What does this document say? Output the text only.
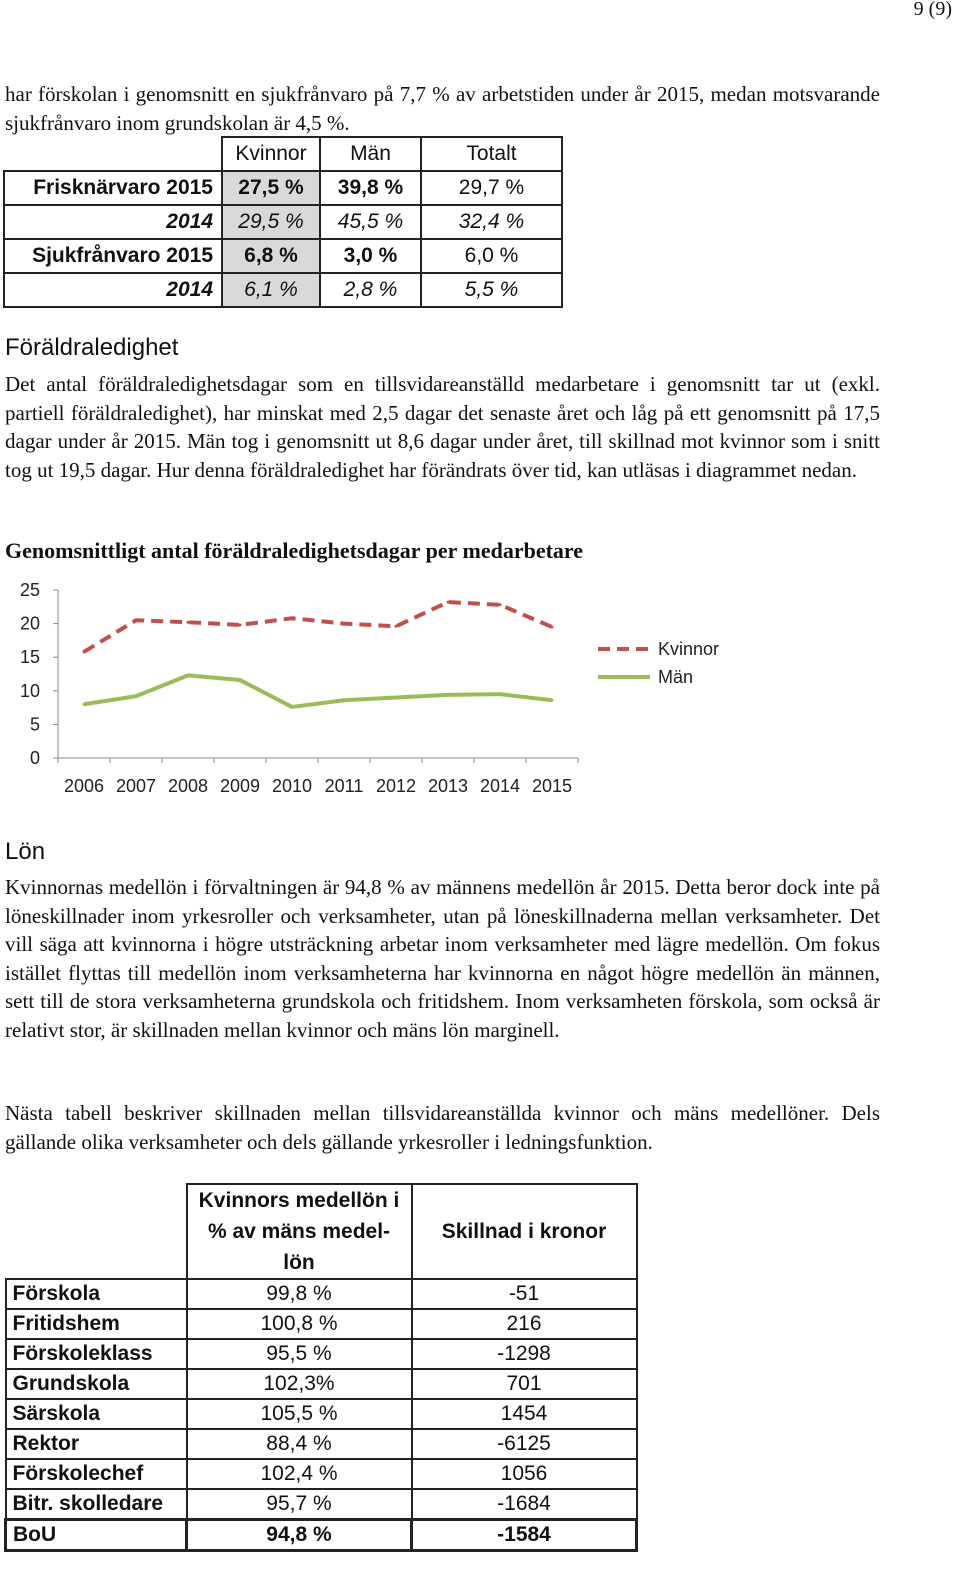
9 (9)
har förskolan i genomsnitt en sjukfrånvaro på 7,7 % av arbetstiden under år 2015, medan motsvarande sjukfrånvaro inom grundskolan är 4,5 %.
	Kvinnor	Män	Totalt
Frisknärvaro 2015	27,5 %	39,8 %	29,7 %
2014	29,5 %	45,5 %	32,4 %
Sjukfrånvaro 2015	6,8 %	3,0 %	6,0 %
2014	6,1 %	2,8 %	5,5 %
Föräldraledighet
Det antal föräldraledighetsdagar som en tillsvidareanställd medarbetare i genomsnitt tar ut (exkl. partiell föräldraledighet), har minskat med 2,5 dagar det senaste året och låg på ett genomsnitt på 17,5 dagar under år 2015. Män tog i genomsnitt ut 8,6 dagar under året, till skillnad mot kvinnor som i snitt tog ut 19,5 dagar. Hur denna föräldraledighet har förändrats över tid, kan utläsas i diagrammet nedan.
Genomsnittligt antal föräldraledighetsdagar per medarbetare
0
5
10
15
20
25
2006 2007 2008 2009 2010 2011 2012 2013 2014 2015
Kvinnor
Män
Lön
Kvinnornas medellön i förvaltningen är 94,8 % av männens medellön år 2015. Detta beror dock inte på löneskillnader inom yrkesroller och verksamheter, utan på löneskillnaderna mellan verksamheter. Det vill säga att kvinnorna i högre utsträckning arbetar inom verksamheter med lägre medellön. Om fokus istället flyttas till medellön inom verksamheterna har kvinnorna en något högre medellön än männen, sett till de stora verksamheterna grundskola och fritidshem. Inom verksamheten förskola, som också är relativt stor, är skillnaden mellan kvinnor och mäns lön marginell.
Nästa tabell beskriver skillnaden mellan tillsvidareanställda kvinnor och mäns medellöner. Dels gällande olika verksamheter och dels gällande yrkesroller i ledningsfunktion.
	Kvinnors medellön i % av mäns medel-lön	Skillnad i kronor
Förskola	99,8 %	-51
Fritidshem	100,8 %	216
Förskoleklass	95,5 %	-1298
Grundskola	102,3%	701
Särskola	105,5 %	1454
Rektor	88,4 %	-6125
Förskolechef	102,4 %	1056
Bitr. skolledare	95,7 %	-1684
BoU	94,8 %	-1584
